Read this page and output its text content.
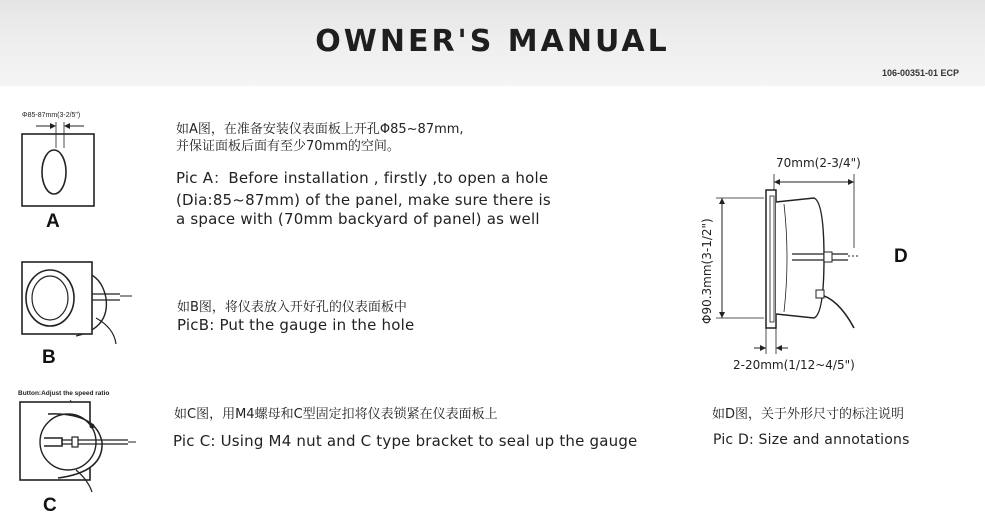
OWNER'S MANUAL
106-00351-01 ECP
Φ85-87mm(3-2/5")
A
如A图，在准备安装仪表面板上开孔Φ85~87mm,
并保证面板后面有至少70mm的空间。
Pic A：Before installation , firstly ,to open a hole
(Dia:85~87mm) of the panel, make sure there is
a space with (70mm backyard of panel) as well
B
如B图，将仪表放入开好孔的仪表面板中
PicB: Put the gauge in the hole
Button:Adjust the speed ratio
C
如C图，用M4螺母和C型固定扣将仪表锁紧在仪表面板上
Pic C: Using M4 nut and C type bracket to seal up the gauge
70mm(2-3/4")
Φ90.3mm(3-1/2")
2-20mm(1/12~4/5")
D
如D图，关于外形尺寸的标注说明
Pic D: Size and annotations
